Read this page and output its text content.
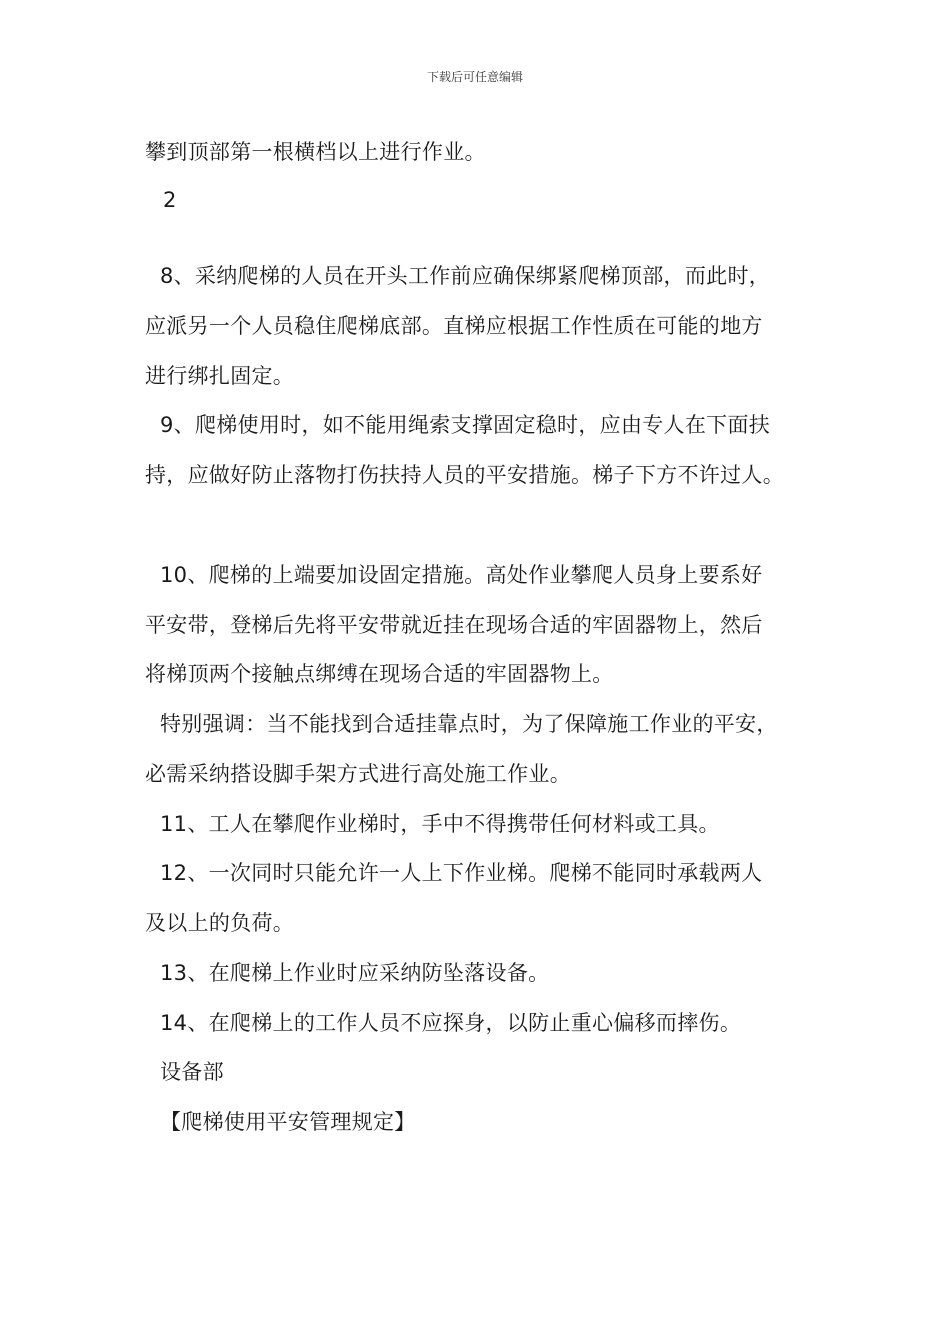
下载后可任意编辑
攀到顶部第一根横档以上进行作业。
2
8、采纳爬梯的人员在开头工作前应确保绑紧爬梯顶部，而此时，
应派另一个人员稳住爬梯底部。直梯应根据工作性质在可能的地方
进行绑扎固定。
9、爬梯使用时，如不能用绳索支撑固定稳时，应由专人在下面扶
持，应做好防止落物打伤扶持人员的平安措施。梯子下方不许过人。
10、爬梯的上端要加设固定措施。高处作业攀爬人员身上要系好
平安带，登梯后先将平安带就近挂在现场合适的牢固器物上，然后
将梯顶两个接触点绑缚在现场合适的牢固器物上。
特别强调：当不能找到合适挂靠点时，为了保障施工作业的平安，
必需采纳搭设脚手架方式进行高处施工作业。
11、工人在攀爬作业梯时，手中不得携带任何材料或工具。
12、一次同时只能允许一人上下作业梯。爬梯不能同时承载两人
及以上的负荷。
13、在爬梯上作业时应采纳防坠落设备。
14、在爬梯上的工作人员不应探身，以防止重心偏移而摔伤。
设备部
【爬梯使用平安管理规定】
